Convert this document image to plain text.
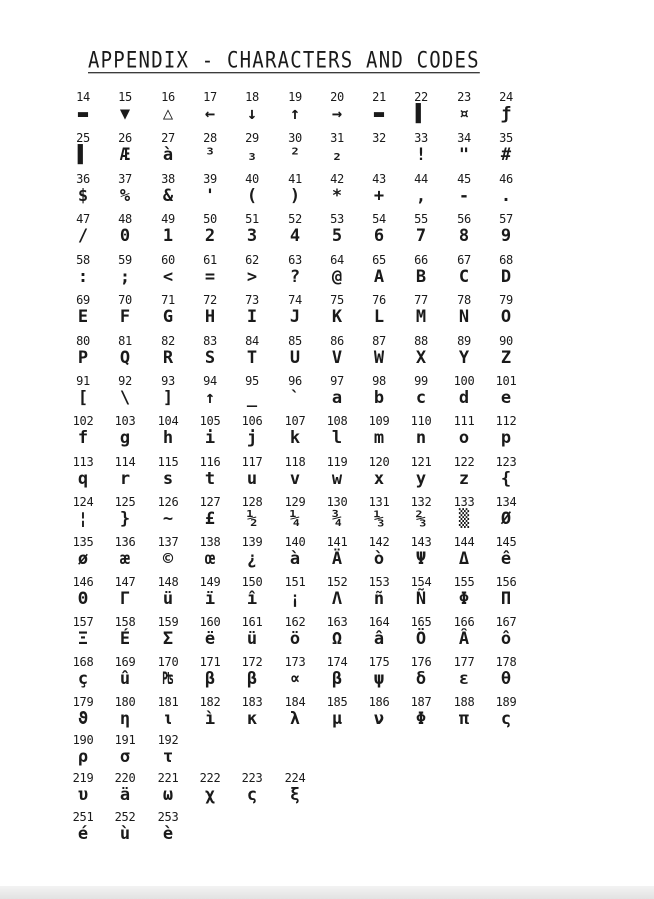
APPENDIX - CHARACTERS AND CODES
14
▬
15
▼
16
△
17
←
18
↓
19
↑
20
→
21
▬
22
▌
23
¤
24
ƒ
25
▌
26
Æ
27
à
28
³
29
₃
30
²
31
₂
32	33
!
34
"
35
#
36
$
37
%
38
&
39
'
40
(
41
)
42
*
43
+
44
,
45
-
46
.
47
/
48
0
49
1
50
2
51
3
52
4
53
5
54
6
55
7
56
8
57
9
58
:
59
;
60
<
61
=
62
>
63
?
64
@
65
A
66
B
67
C
68
D
69
E
70
F
71
G
72
H
73
I
74
J
75
K
76
L
77
M
78
N
79
O
80
P
81
Q
82
R
83
S
84
T
85
U
86
V
87
W
88
X
89
Y
90
Z
91
[
92
\
93
]
94
↑
95
_
96
`
97
a
98
b
99
c
100
d
101
e
102
f
103
g
104
h
105
i
106
j
107
k
108
l
109
m
110
n
111
o
112
p
113
q
114
r
115
s
116
t
117
u
118
v
119
w
120
x
121
y
122
z
123
{
124
¦
125
}
126
~
127
£
128
½
129
¼
130
¾
131
⅓
132
⅔
133
▒
134
Ø
135
ø
136
æ
137
©
138
œ
139
¿
140
à
141
Ä
142
ò
143
Ψ
144
Δ
145
ê
146
Θ
147
Γ
148
ü
149
ï
150
î
151
¡
152
Λ
153
ñ
154
Ñ
155
Φ
156
Π
157
Ξ
158
É
159
Σ
160
ë
161
ü
162
ö
163
Ω
164
â
165
Ö
166
Â
167
ô
168
ç
169
û
170
₧
171
β
172
β
173
∝
174
β
175
ψ
176
δ
177
ε
178
θ
179
ϑ
180
η
181
ι
182
ì
183
κ
184
λ
185
μ
186
ν
187
Φ
188
π
189
ς
190
ρ
191
σ
192
τ
219
υ
220
ä
221
ω
222
χ
223
ς
224
ξ
251
é
252
ù
253
è
